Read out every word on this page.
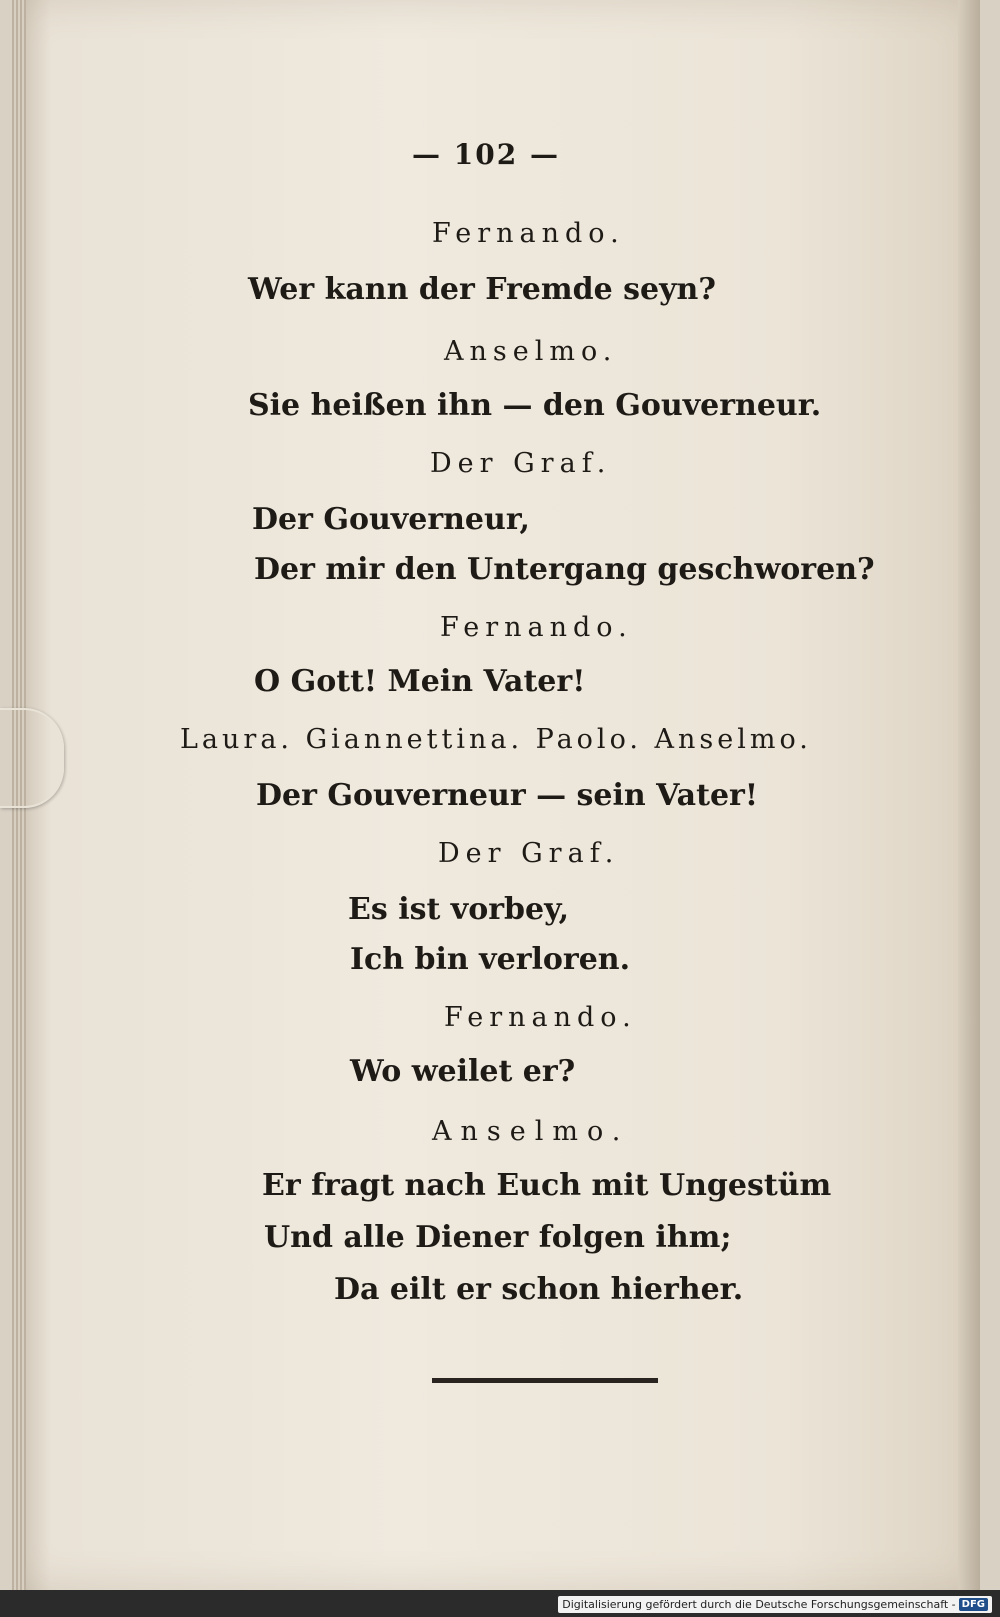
— 102 —
Fernando.
Wer kann der Fremde seyn?
Anselmo.
Sie heißen ihn — den Gouverneur.
Der Graf.
Der Gouverneur,
Der mir den Untergang geschworen?
Fernando.
O Gott! Mein Vater!
Laura. Giannettina. Paolo. Anselmo.
Der Gouverneur — sein Vater!
Der Graf.
Es ist vorbey,
Ich bin verloren.
Fernando.
Wo weilet er?
Anselmo.
Er fragt nach Euch mit Ungestüm
Und alle Diener folgen ihm;
Da eilt er schon hierher.
Digitalisierung gefördert durch die Deutsche Forschungsgemeinschaft - DFG
